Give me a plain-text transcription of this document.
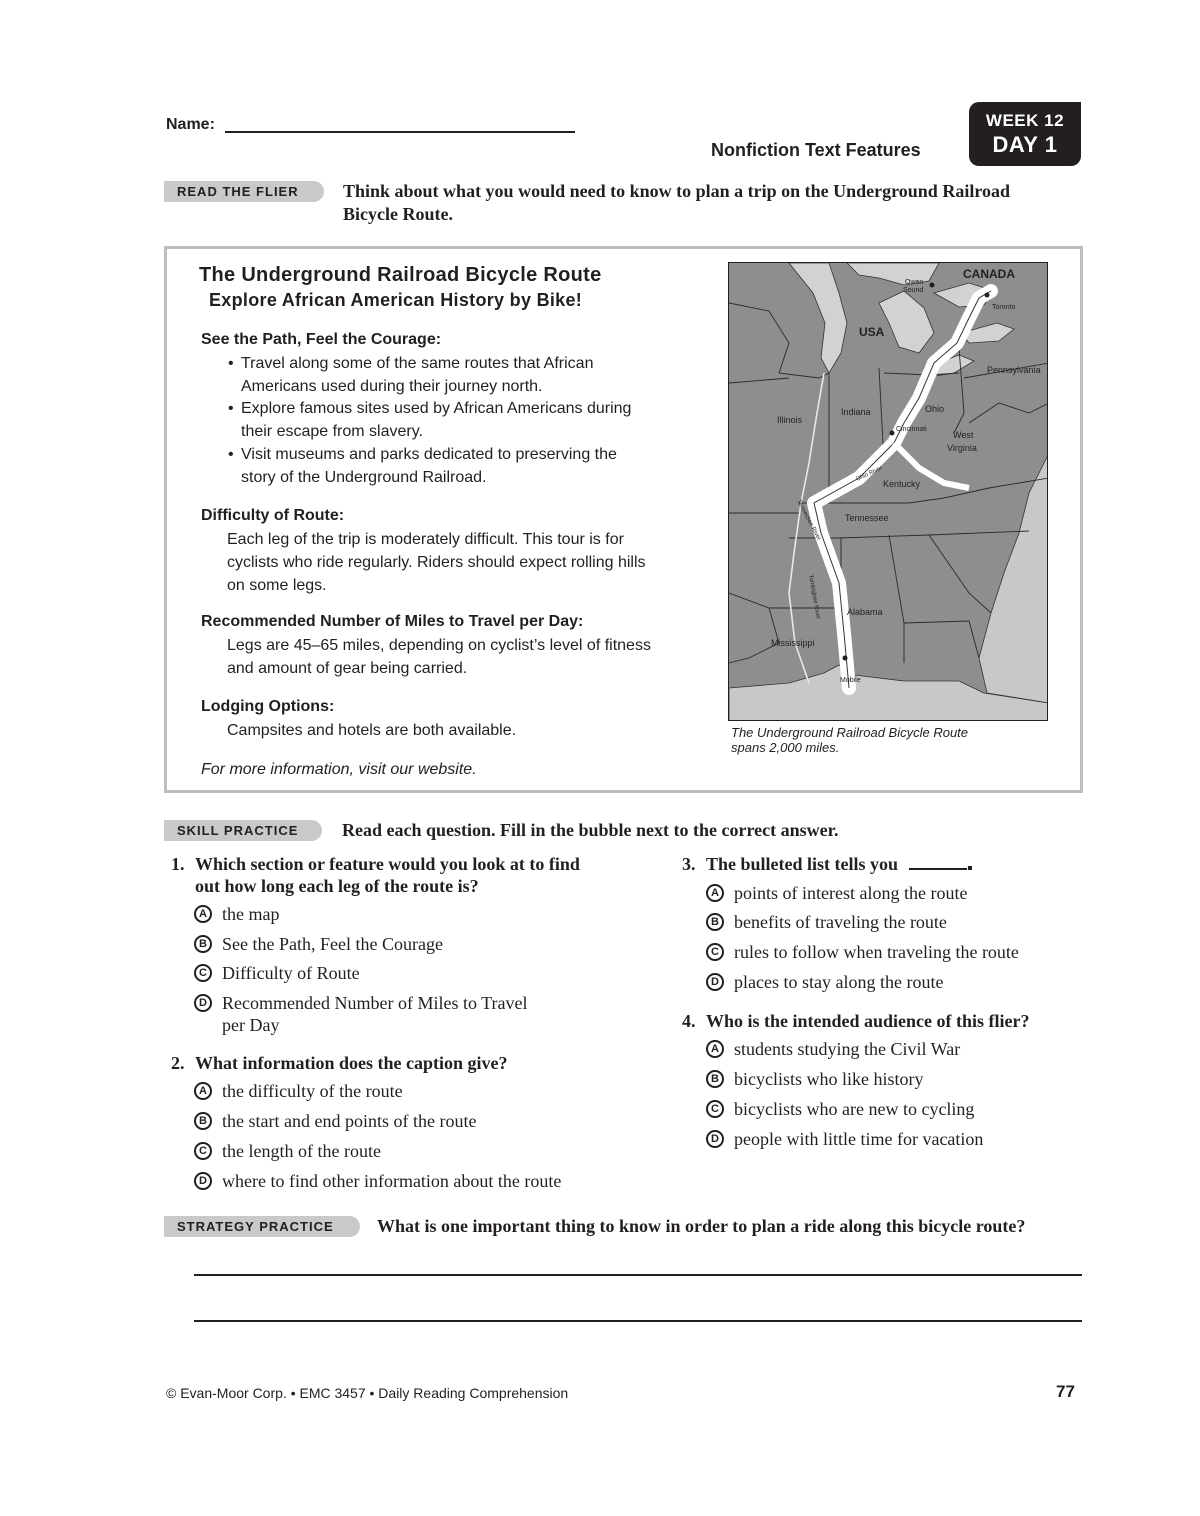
Name:
Nonfiction Text Features
WEEK 12
DAY 1
READ THE FLIER	Think about what you would need to know to plan a trip on the Underground Railroad
Bicycle Route.
The Underground Railroad Bicycle Route
Explore African American History by Bike!
See the Path, Feel the Courage:
• Travel along some of the same routes that African
Americans used during their journey north.
• Explore famous sites used by African Americans during
their escape from slavery.
• Visit museums and parks dedicated to preserving the
story of the Underground Railroad.
Difficulty of Route:
Each leg of the trip is moderately difficult. This tour is for
cyclists who ride regularly. Riders should expect rolling hills
on some legs.
Recommended Number of Miles to Travel per Day:
Legs are 45–65 miles, depending on cyclist’s level of fitness
and amount of gear being carried.
Lodging Options:
Campsites and hotels are both available.
For more information, visit our website.
CANADA
USA
Owen
Sound
Toronto
Pennsylvania
Illinois
Indiana	Ohio
Cincinnati
West
Virginia
Ohio River
Kentucky
Tennessee
Tennessee River
Tombigbee River	Alabama
Mississippi
Mobile
The Underground Railroad Bicycle Route
spans 2,000 miles.
SKILL PRACTICE	Read each question. Fill in the bubble next to the correct answer.
1. Which section or feature would you look at to find
out how long each leg of the route is?
A the map
B See the Path, Feel the Courage
C Difficulty of Route
D Recommended Number of Miles to Travel
per Day
2. What information does the caption give?
A the difficulty of the route
B the start and end points of the route
C the length of the route
D where to find other information about the route
3. The bulleted list tells you
A points of interest along the route
B benefits of traveling the route
C rules to follow when traveling the route
D places to stay along the route
4. Who is the intended audience of this flier?
A students studying the Civil War
B bicyclists who like history
C bicyclists who are new to cycling
D people with little time for vacation
STRATEGY PRACTICE	What is one important thing to know in order to plan a ride along this bicycle route?
© Evan-Moor Corp. • EMC 3457 • Daily Reading Comprehension	77
